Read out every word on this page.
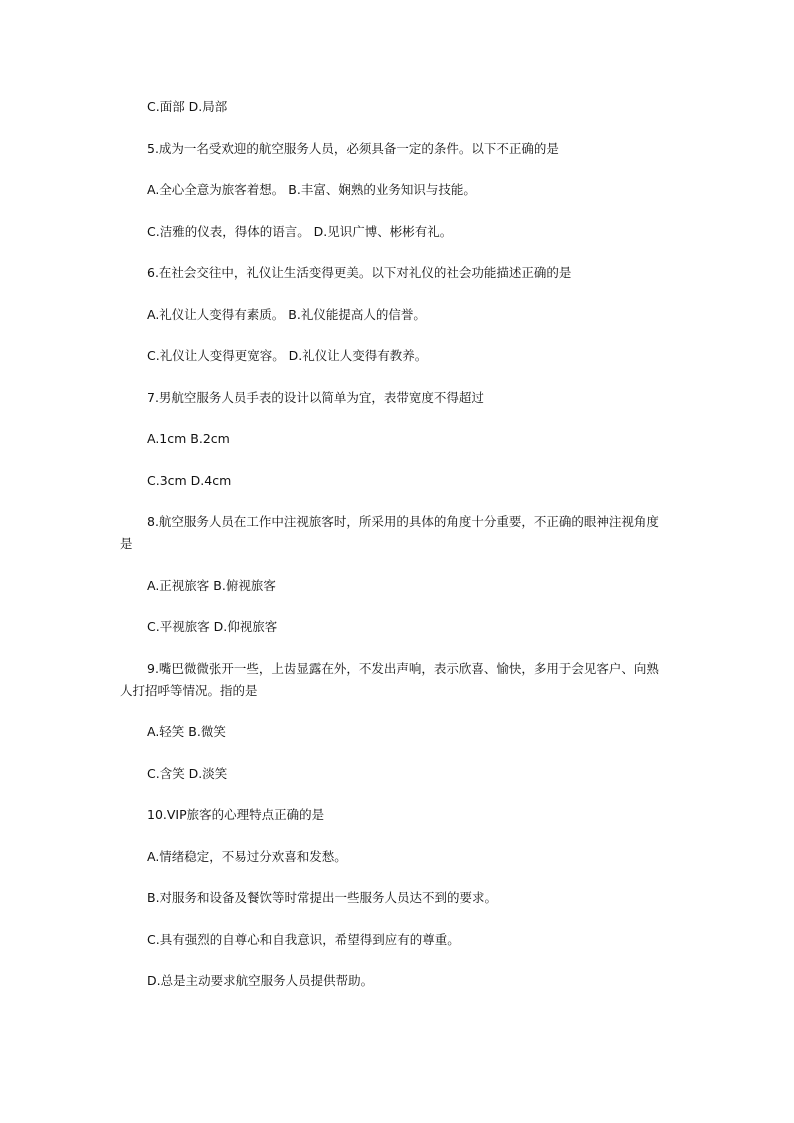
C.面部 D.局部

5.成为一名受欢迎的航空服务人员，必须具备一定的条件。以下不正确的是

A.全心全意为旅客着想。 B.丰富、娴熟的业务知识与技能。

C.洁雅的仪表，得体的语言。 D.见识广博、彬彬有礼。

6.在社会交往中，礼仪让生活变得更美。以下对礼仪的社会功能描述正确的是

A.礼仪让人变得有素质。 B.礼仪能提高人的信誉。

C.礼仪让人变得更宽容。 D.礼仪让人变得有教养。

7.男航空服务人员手表的设计以简单为宜，表带宽度不得超过

A.1cm B.2cm

C.3cm D.4cm

8.航空服务人员在工作中注视旅客时，所采用的具体的角度十分重要，不正确的眼神注视角度是

A.正视旅客 B.俯视旅客

C.平视旅客 D.仰视旅客

9.嘴巴微微张开一些，上齿显露在外，不发出声响，表示欣喜、愉快，多用于会见客户、向熟人打招呼等情况。指的是

A.轻笑 B.微笑

C.含笑 D.淡笑

10.VIP旅客的心理特点正确的是

A.情绪稳定，不易过分欢喜和发愁。

B.对服务和设备及餐饮等时常提出一些服务人员达不到的要求。

C.具有强烈的自尊心和自我意识，希望得到应有的尊重。

D.总是主动要求航空服务人员提供帮助。
